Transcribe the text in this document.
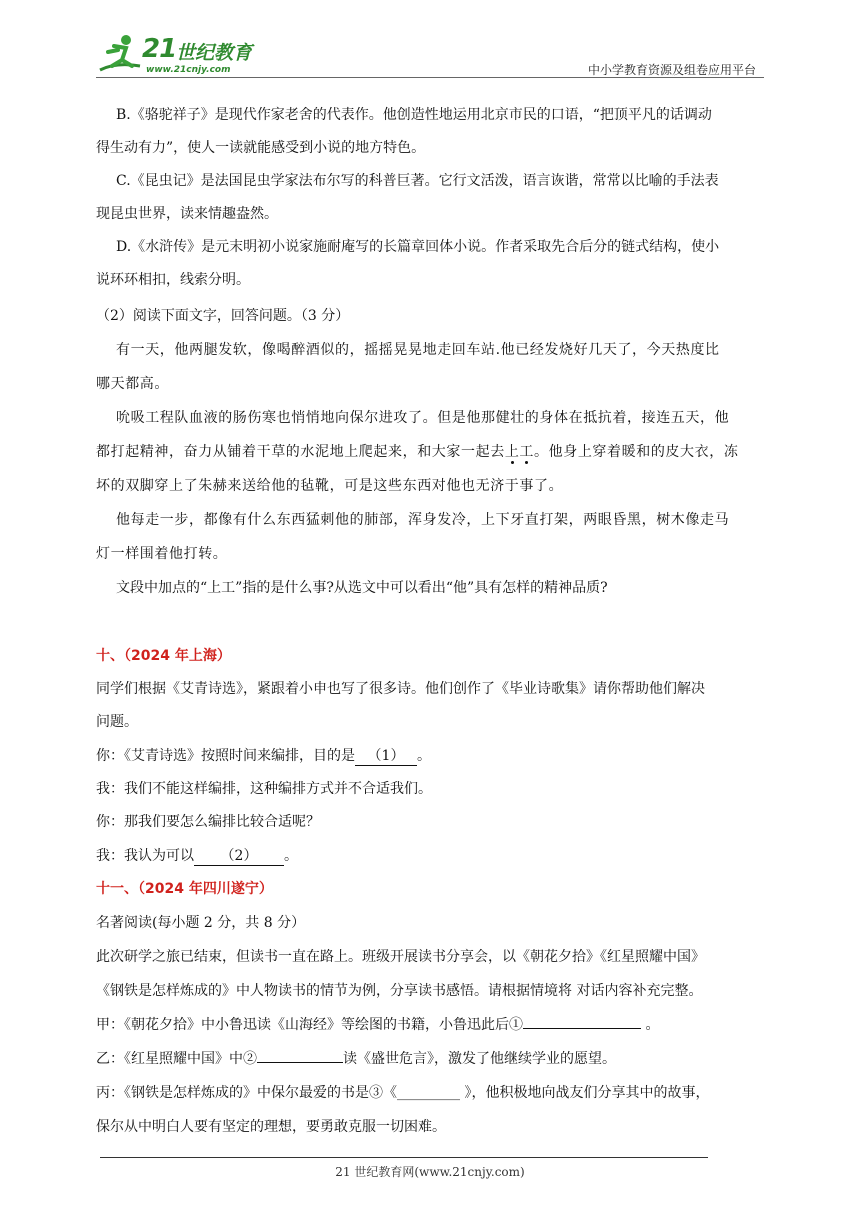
21 世纪教育
www.21cnjy.com	中小学教育资源及组卷应用平台
B.《骆驼祥子》是现代作家老舍的代表作。他创造性地运用北京市民的口语，“把顶平凡的话调动
得生动有力”，使人一读就能感受到小说的地方特色。
C.《昆虫记》是法国昆虫学家法布尔写的科普巨著。它行文活泼，语言诙谐，常常以比喻的手法表
现昆虫世界，读来情趣盎然。
D.《水浒传》是元末明初小说家施耐庵写的长篇章回体小说。作者采取先合后分的链式结构，使小
说环环相扣，线索分明。
（2）阅读下面文字，回答问题。（3 分）
有一天，他两腿发软，像喝醉酒似的，摇摇晃晃地走回车站.他已经发烧好几天了，今天热度比
哪天都高。
吮吸工程队血液的肠伤寒也悄悄地向保尔进攻了。但是他那健壮的身体在抵抗着，接连五天，他
都打起精神，奋力从铺着干草的水泥地上爬起来，和大家一起去上工。他身上穿着暖和的皮大衣，冻
坏的双脚穿上了朱赫来送给他的毡靴，可是这些东西对他也无济于事了。
他每走一步，都像有什么东西猛刺他的肺部，浑身发冷，上下牙直打架，两眼昏黑，树木像走马
灯一样围着他打转。
文段中加点的“上工”指的是什么事?从选文中可以看出“他”具有怎样的精神品质?
十、（2024 年上海）
同学们根据《艾青诗选》，紧跟着小申也写了很多诗。他们创作了《毕业诗歌集》请你帮助他们解决
问题。
你：《艾青诗选》按照时间来编排，目的是 （1） 。
我：我们不能这样编排，这种编排方式并不合适我们。
你：那我们要怎么编排比较合适呢？
我：我认为可以 （2） 。
十一、（2024 年四川遂宁）
名著阅读(每小题 2 分，共 8 分）
此次研学之旅已结束，但读书一直在路上。班级开展读书分享会，以《朝花夕拾》《红星照耀中国》
《钢铁是怎样炼成的》中人物读书的情节为例，分享读书感悟。请根据情境将 对话内容补充完整。
甲：《朝花夕拾》中小鲁迅读《山海经》等绘图的书籍，小鲁迅此后①	。
乙：《红星照耀中国》中②	读《盛世危言》，激发了他继续学业的愿望。
丙：《钢铁是怎样炼成的》中保尔最爱的书是③《_________ 》，他积极地向战友们分享其中的故事，
保尔从中明白人要有坚定的理想，要勇敢克服一切困难。
21 世纪教育网(www.21cnjy.com)
